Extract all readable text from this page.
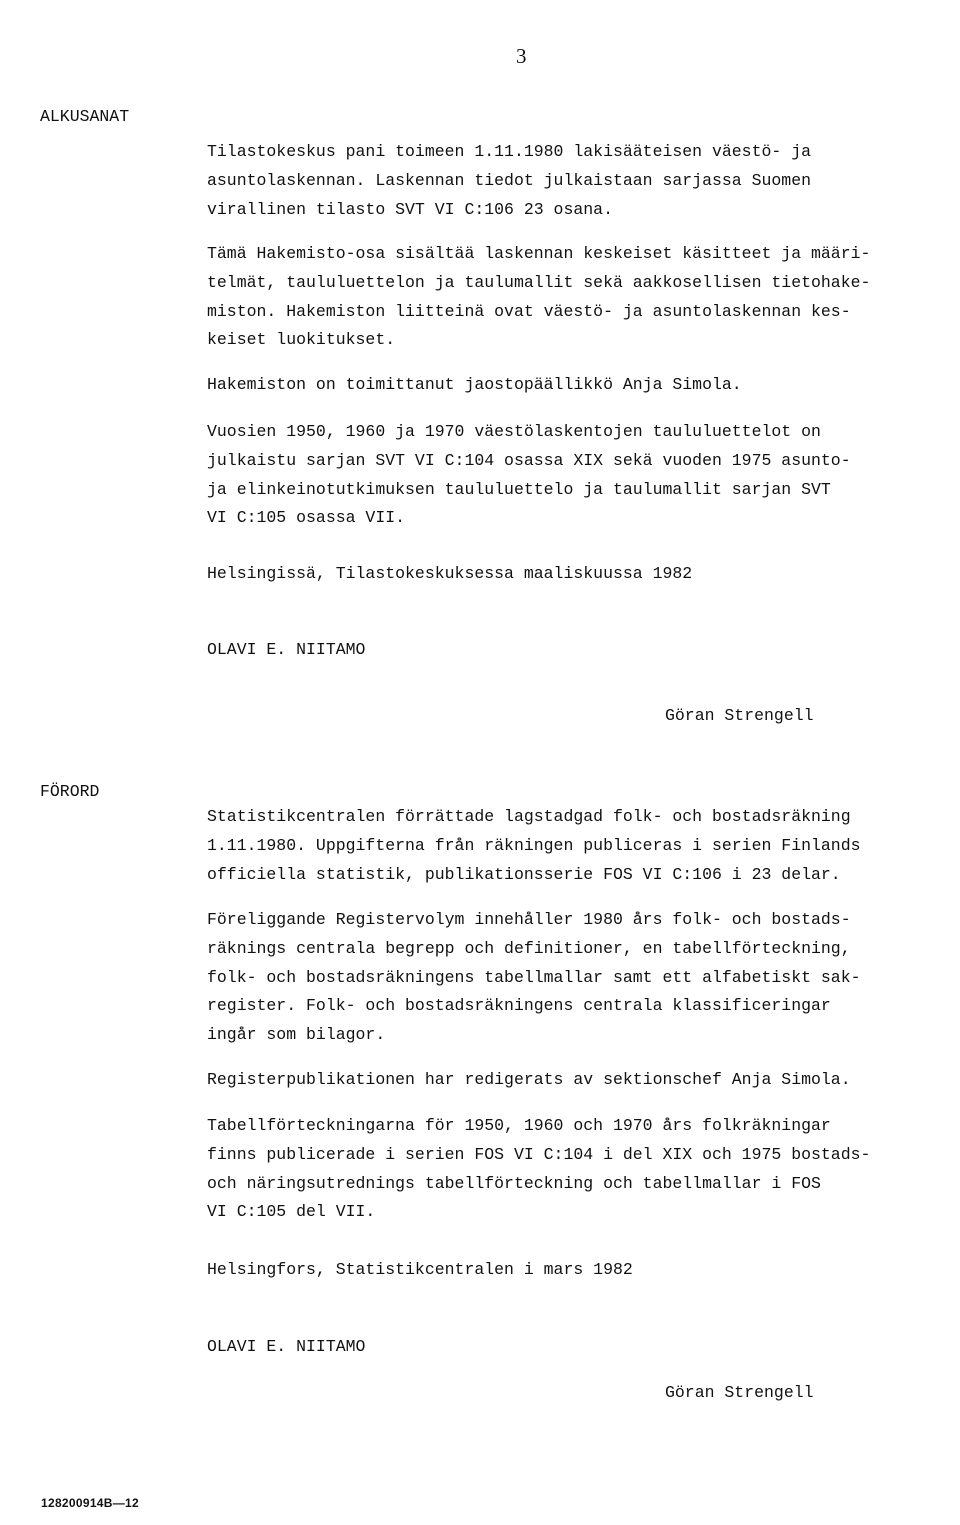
3
ALKUSANAT
Tilastokeskus pani toimeen 1.11.1980 lakisääteisen väestö- ja
asuntolaskennan. Laskennan tiedot julkaistaan sarjassa Suomen
virallinen tilasto SVT VI C:106 23 osana.
Tämä Hakemisto-osa sisältää laskennan keskeiset käsitteet ja määri-
telmät, taululuettelon ja taulumallit sekä aakkosellisen tietohake-
miston. Hakemiston liitteinä ovat väestö- ja asuntolaskennan kes-
keiset luokitukset.
Hakemiston on toimittanut jaostopäällikkö Anja Simola.
Vuosien 1950, 1960 ja 1970 väestölaskentojen taululuettelot on
julkaistu sarjan SVT VI C:104 osassa XIX sekä vuoden 1975 asunto-
ja elinkeinotutkimuksen taululuettelo ja taulumallit sarjan SVT
VI C:105 osassa VII.
Helsingissä, Tilastokeskuksessa maaliskuussa 1982
OLAVI E. NIITAMO
Göran Strengell
FÖRORD
Statistikcentralen förrättade lagstadgad folk- och bostadsräkning
1.11.1980. Uppgifterna från räkningen publiceras i serien Finlands
officiella statistik, publikationsserie FOS VI C:106 i 23 delar.
Föreliggande Registervolym innehåller 1980 års folk- och bostads-
räknings centrala begrepp och definitioner, en tabellförteckning,
folk- och bostadsräkningens tabellmallar samt ett alfabetiskt sak-
register. Folk- och bostadsräkningens centrala klassificeringar
ingår som bilagor.
Registerpublikationen har redigerats av sektionschef Anja Simola.
Tabellförteckningarna för 1950, 1960 och 1970 års folkräkningar
finns publicerade i serien FOS VI C:104 i del XIX och 1975 bostads-
och näringsutrednings tabellförteckning och tabellmallar i FOS
VI C:105 del VII.
Helsingfors, Statistikcentralen i mars 1982
OLAVI E. NIITAMO
Göran Strengell
128200914B—12
